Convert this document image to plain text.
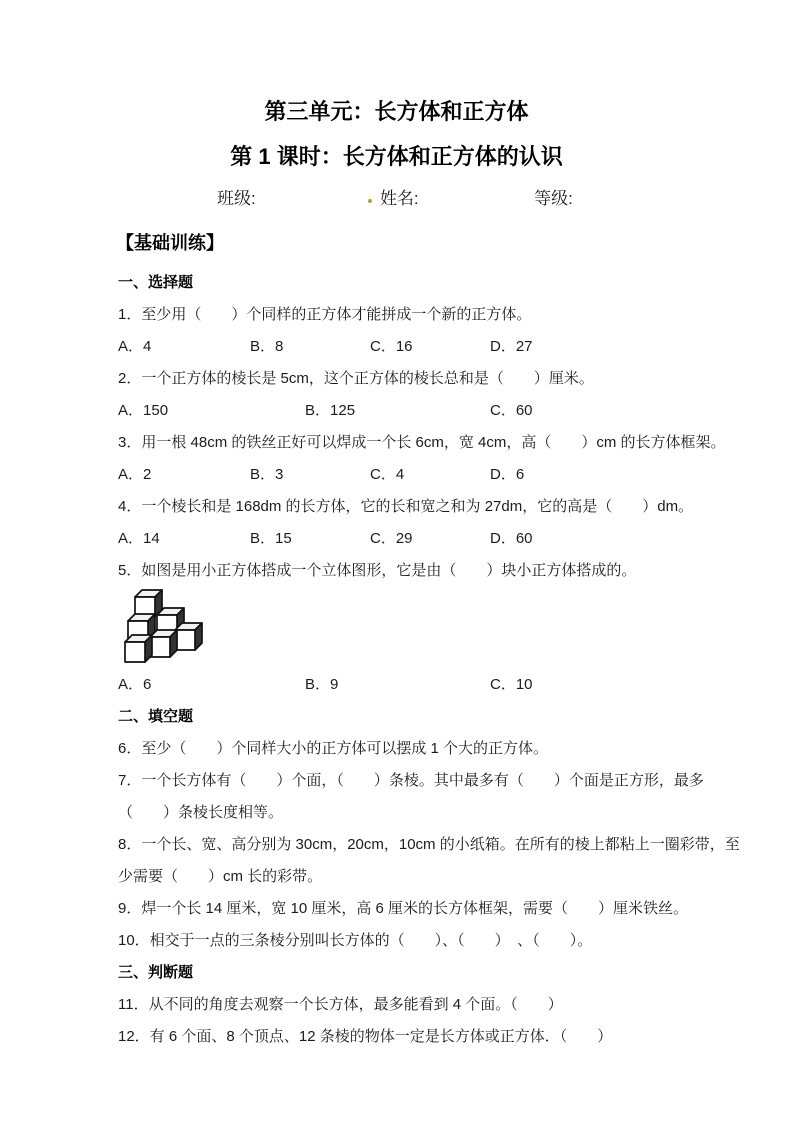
第三单元：长方体和正方体
第 1 课时：长方体和正方体的认识
班级:	姓名:	等级:
【基础训练】
一、选择题

1．至少用（　　）个同样的正方体才能拼成一个新的正方体。

A．4	B．8	C．16	D．27

2．一个正方体的棱长是 5cm，这个正方体的棱长总和是（　　）厘米。

A．150	B．125	C．60

3．用一根 48cm 的铁丝正好可以焊成一个长 6cm，宽 4cm，高（　　）cm 的长方体框架。

A．2	B．3	C．4	D．6

4．一个棱长和是 168dm 的长方体，它的长和宽之和为 27dm，它的高是（　　）dm。

A．14	B．15	C．29	D．60

5．如图是用小正方体搭成一个立体图形，它是由（　　）块小正方体搭成的。

A．6	B．9	C．10
二、填空题

6．至少（　　）个同样大小的正方体可以摆成 1 个大的正方体。

7．一个长方体有（　　）个面，（　　）条棱。其中最多有（　　）个面是正方形，最多

（　　）条棱长度相等。

8．一个长、宽、高分别为 30cm，20cm，10cm 的小纸箱。在所有的棱上都粘上一圈彩带，至

少需要（　　）cm 长的彩带。

9．焊一个长 14 厘米，宽 10 厘米，高 6 厘米的长方体框架，需要（　　）厘米铁丝。

10．相交于一点的三条棱分别叫长方体的（　　）、（　　）　、（　　）。

三、判断题

11．从不同的角度去观察一个长方体，最多能看到 4 个面。（　　）

12．有 6 个面、8 个顶点、12 条棱的物体一定是长方体或正方体．（　　）
